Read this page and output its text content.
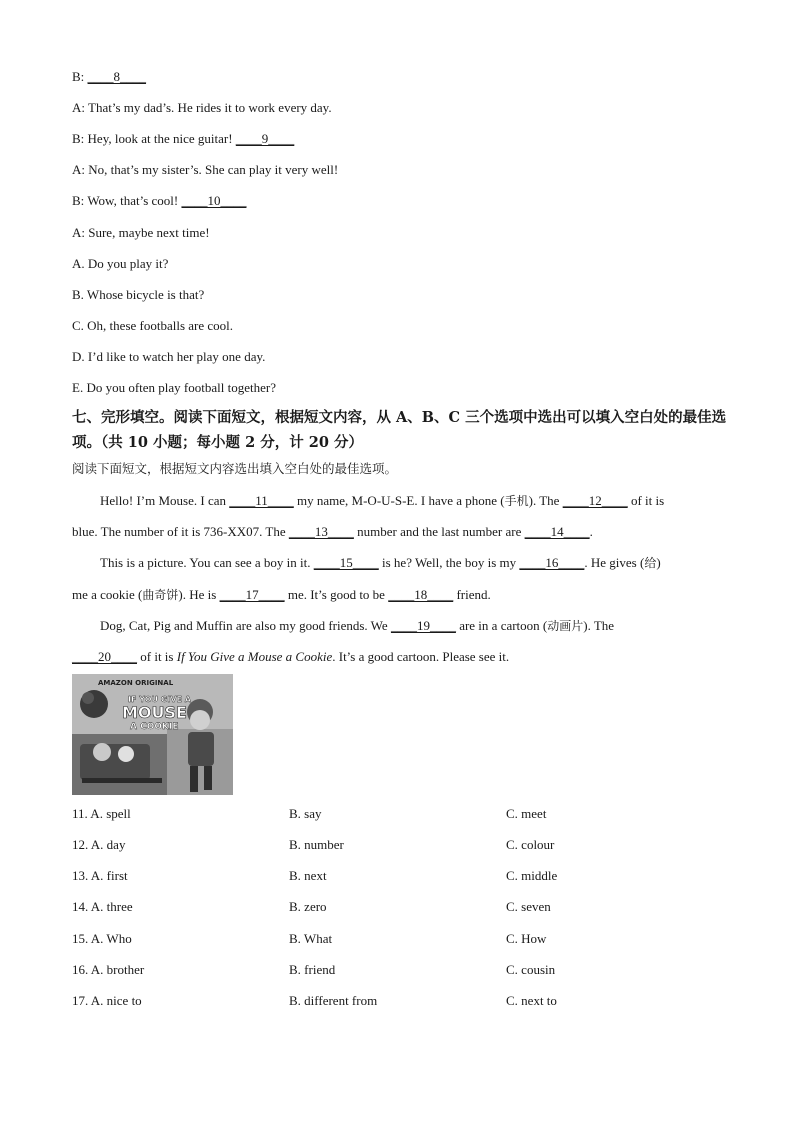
B: ____8____
A: That’s my dad’s. He rides it to work every day.
B: Hey, look at the nice guitar! ____9____
A: No, that’s my sister’s. She can play it very well!
B: Wow, that’s cool! ____10____
A: Sure, maybe next time!
A. Do you play it?
B. Whose bicycle is that?
C. Oh, these footballs are cool.
D. I’d like to watch her play one day.
E. Do you often play football together?
七、完形填空。阅读下面短文，根据短文内容，从 A、B、C 三个选项中选出可以填入空白处的最佳选项。（共 10 小题；每小题 2 分，计 20 分）
阅读下面短文，根据短文内容选出填入空白处的最佳选项。
Hello! I’m Mouse. I can ____11____ my name, M-O-U-S-E. I have a phone (手机). The ____12____ of it is
blue. The number of it is 736-XX07. The ____13____ number and the last number are ____14____.
This is a picture. You can see a boy in it. ____15____ is he? Well, the boy is my ____16____. He gives (给)
me a cookie (曲奇饼). He is ____17____ me. It’s good to be ____18____ friend.
Dog, Cat, Pig and Muffin are also my good friends. We ____19____ are in a cartoon (动画片). The
____20____ of it is If You Give a Mouse a Cookie. It’s a good cartoon. Please see it.
AMAZON ORIGINAL
IF YOU GIVE A
MOUSE
A COOKIE
11. A. spell	B. say	C. meet
12. A. day	B. number	C. colour
13. A. first	B. next	C. middle
14. A. three	B. zero	C. seven
15. A. Who	B. What	C. How
16. A. brother	B. friend	C. cousin
17. A. nice to	B. different from	C. next to
